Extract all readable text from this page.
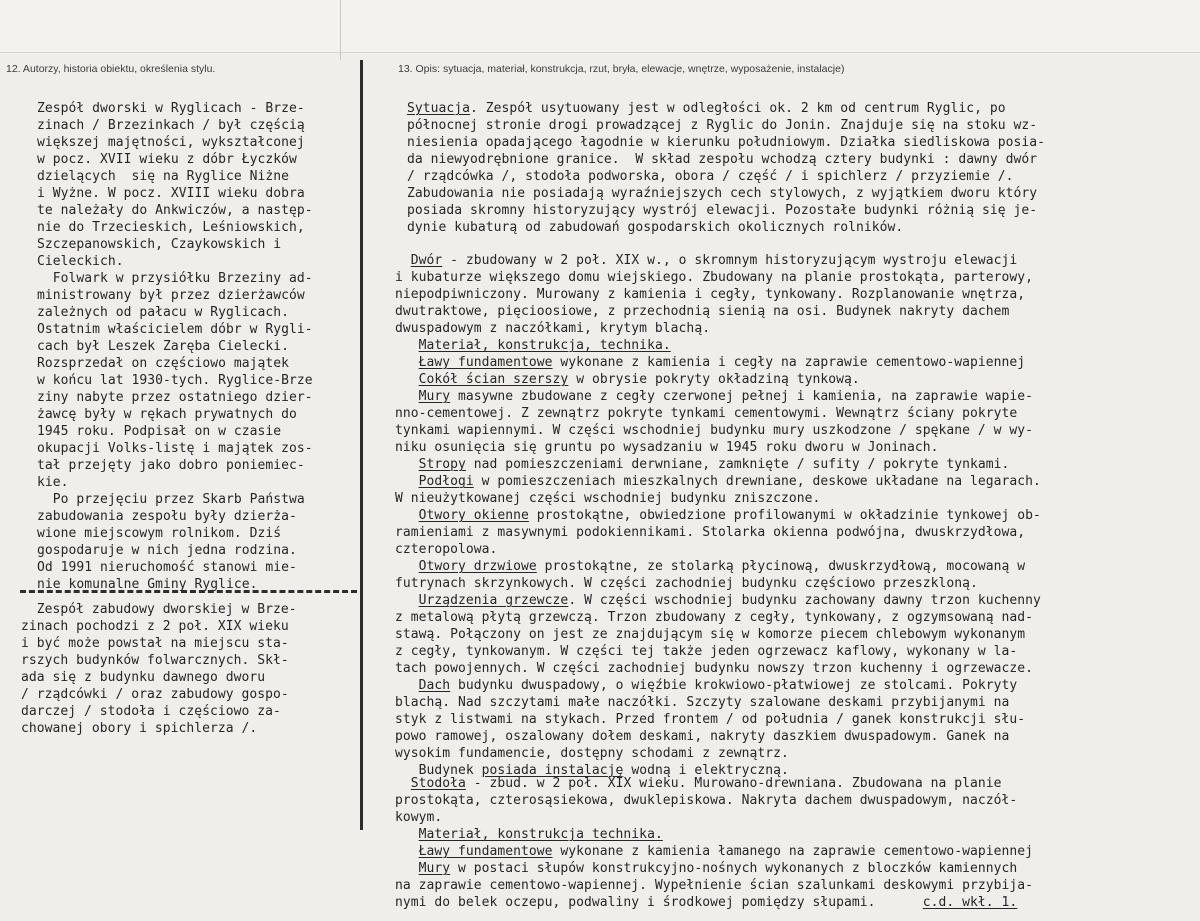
12. Autorzy, historia obiektu, określenia stylu.	13. Opis: sytuacja, materiał, konstrukcja, rzut, bryła, elewacje, wnętrze, wyposażenie, instalacje)
Zespół dworski w Ryglicach - Brze-
zinach / Brzezinkach / był częścią
większej majętności, wykształconej
w pocz. XVII wieku z dóbr Łyczków
dzielących  się na Ryglice Niżne
i Wyżne. W pocz. XVIII wieku dobra
te należały do Ankwiczów, a następ-
nie do Trzecieskich, Leśniowskich,
Szczepanowskich, Czaykowskich i
Cieleckich.
Folwark w przysiółku Brzeziny ad-
ministrowany był przez dzierżawców
zależnych od pałacu w Ryglicach.
Ostatnim właścicielem dóbr w Rygli-
cach był Leszek Zaręba Cielecki.
Rozsprzedał on częściowo majątek
w końcu lat 1930-tych. Ryglice-Brze
ziny nabyte przez ostatniego dzier-
żawcę były w rękach prywatnych do
1945 roku. Podpisał on w czasie
okupacji Volks-listę i majątek zos-
tał przejęty jako dobro poniemiec-
kie.
Po przejęciu przez Skarb Państwa
zabudowania zespołu były dzierża-
wione miejscowym rolnikom. Dziś
gospodaruje w nich jedna rodzina.
Od 1991 nieruchomość stanowi mie-
nie komunalne Gminy Ryglice.
Zespół zabudowy dworskiej w Brze-
zinach pochodzi z 2 poł. XIX wieku
i być może powstał na miejscu sta-
rszych budynków folwarcznych. Skł-
ada się z budynku dawnego dworu
/ rządcówki / oraz zabudowy gospo-
darczej / stodoła i częściowo za-
chowanej obory i spichlerza /.
Sytuacja. Zespół usytuowany jest w odległości ok. 2 km od centrum Ryglic, po
północnej stronie drogi prowadzącej z Ryglic do Jonin. Znajduje się na stoku wz-
niesienia opadającego łagodnie w kierunku południowym. Działka siedliskowa posia-
da niewyodrębnione granice.  W skład zespołu wchodzą cztery budynki : dawny dwór
/ rządcówka /, stodoła podworska, obora / część / i spichlerz / przyziemie /.
Zabudowania nie posiadają wyraźniejszych cech stylowych, z wyjątkiem dworu który
posiada skromny historyzujący wystrój elewacji. Pozostałe budynki różnią się je-
dynie kubaturą od zabudowań gospodarskich okolicznych rolników.
Dwór - zbudowany w 2 poł. XIX w., o skromnym historyzującym wystroju elewacji
i kubaturze większego domu wiejskiego. Zbudowany na planie prostokąta, parterowy,
niepodpiwniczony. Murowany z kamienia i cegły, tynkowany. Rozplanowanie wnętrza,
dwutraktowe, pięcioosiowe, z przechodnią sienią na osi. Budynek nakryty dachem
dwuspadowym z naczółkami, krytym blachą.
Materiał, konstrukcja, technika.
Ławy fundamentowe wykonane z kamienia i cegły na zaprawie cementowo-wapiennej
Cokół ścian szerszy w obrysie pokryty okładziną tynkową.
Mury masywne zbudowane z cegły czerwonej pełnej i kamienia, na zaprawie wapie-
nno-cementowej. Z zewnątrz pokryte tynkami cementowymi. Wewnątrz ściany pokryte
tynkami wapiennymi. W części wschodniej budynku mury uszkodzone / spękane / w wy-
niku osunięcia się gruntu po wysadzaniu w 1945 roku dworu w Joninach.
Stropy nad pomieszczeniami derwniane, zamknięte / sufity / pokryte tynkami.
Podłogi w pomieszczeniach mieszkalnych drewniane, deskowe układane na legarach.
W nieużytkowanej części wschodniej budynku zniszczone.
Otwory okienne prostokątne, obwiedzione profilowanymi w okładzinie tynkowej ob-
ramieniami z masywnymi podokiennikami. Stolarka okienna podwójna, dwuskrzydłowa,
czteropolowa.
Otwory drzwiowe prostokątne, ze stolarką płycinową, dwuskrzydłową, mocowaną w
futrynach skrzynkowych. W części zachodniej budynku częściowo przeszkloną.
Urządzenia grzewcze. W części wschodniej budynku zachowany dawny trzon kuchenny
z metalową płytą grzewczą. Trzon zbudowany z cegły, tynkowany, z ogzymsowaną nad-
stawą. Połączony on jest ze znajdującym się w komorze piecem chlebowym wykonanym
z cegły, tynkowanym. W części tej także jeden ogrzewacz kaflowy, wykonany w la-
tach powojennych. W części zachodniej budynku nowszy trzon kuchenny i ogrzewacze.
Dach budynku dwuspadowy, o więźbie krokwiowo-płatwiowej ze stolcami. Pokryty
blachą. Nad szczytami małe naczółki. Szczyty szalowane deskami przybijanymi na
styk z listwami na stykach. Przed frontem / od południa / ganek konstrukcji słu-
powo ramowej, oszalowany dołem deskami, nakryty daszkiem dwuspadowym. Ganek na
wysokim fundamencie, dostępny schodami z zewnątrz.
Budynek posiada instalację wodną i elektryczną.
Stodoła - zbud. w 2 poł. XIX wieku. Murowano-drewniana. Zbudowana na planie
prostokąta, czterosąsiekowa, dwuklepiskowa. Nakryta dachem dwuspadowym, naczół-
kowym.
Materiał, konstrukcja technika.
Ławy fundamentowe wykonane z kamienia łamanego na zaprawie cementowo-wapiennej
Mury w postaci słupów konstrukcyjno-nośnych wykonanych z bloczków kamiennych
na zaprawie cementowo-wapiennej. Wypełnienie ścian szalunkami deskowymi przybija-
nymi do belek oczepu, podwaliny i środkowej pomiędzy słupami.      c.d. wkł. 1.
